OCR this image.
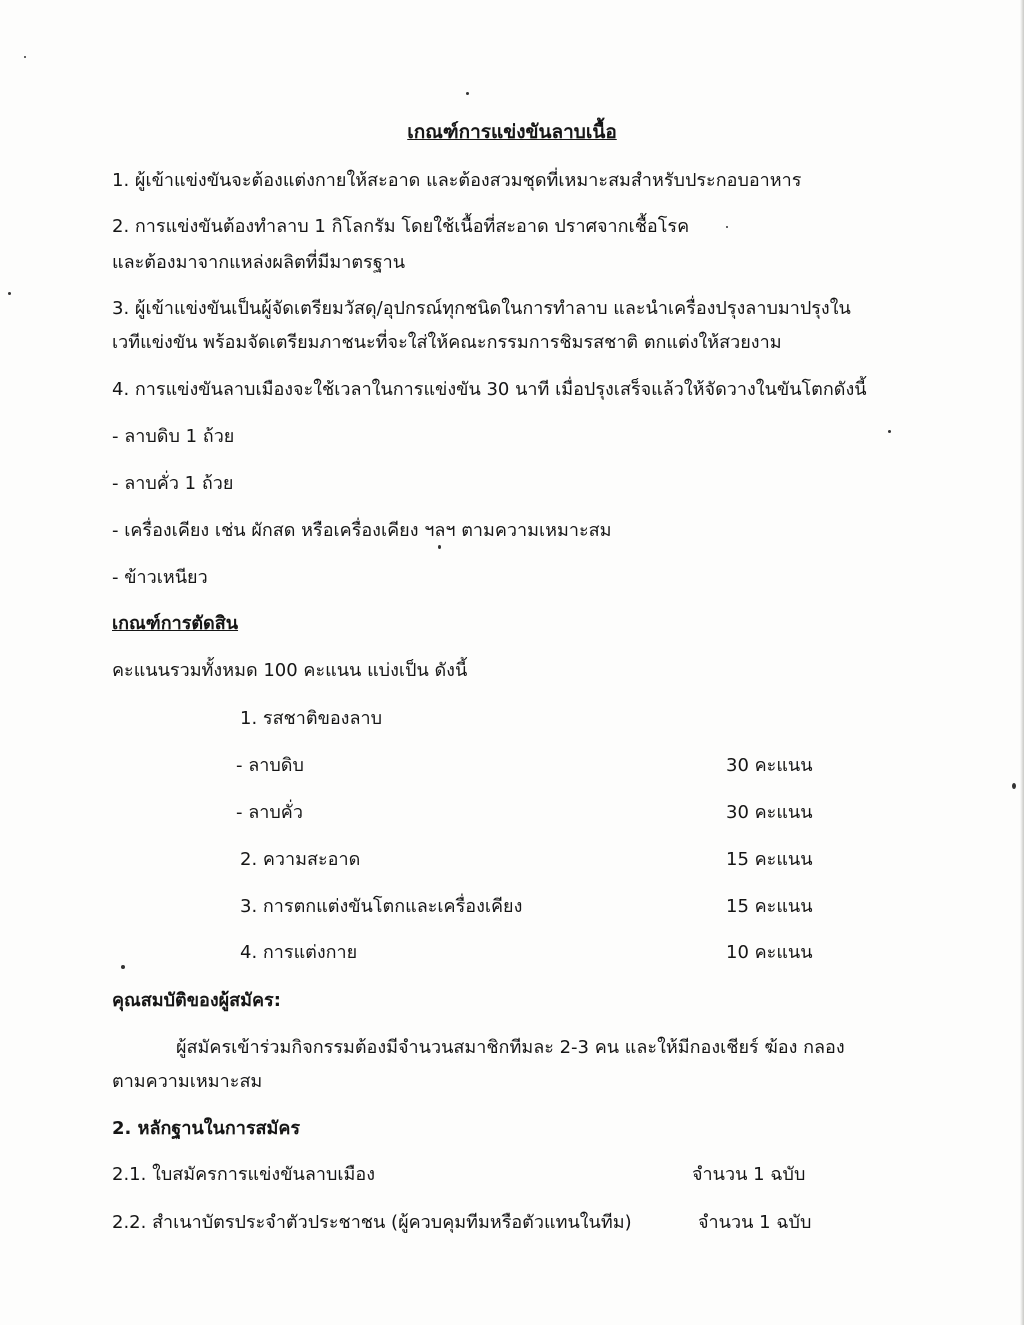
เกณฑ์การแข่งขันลาบเนื้อ
1. ผู้เข้าแข่งขันจะต้องแต่งกายให้สะอาด และต้องสวมชุดที่เหมาะสมสำหรับประกอบอาหาร
2. การแข่งขันต้องทำลาบ 1 กิโลกรัม โดยใช้เนื้อที่สะอาด ปราศจากเชื้อโรค
และต้องมาจากแหล่งผลิตที่มีมาตรฐาน
3. ผู้เข้าแข่งขันเป็นผู้จัดเตรียมวัสดุ/อุปกรณ์ทุกชนิดในการทำลาบ และนำเครื่องปรุงลาบมาปรุงใน
เวทีแข่งขัน พร้อมจัดเตรียมภาชนะที่จะใส่ให้คณะกรรมการชิมรสชาติ ตกแต่งให้สวยงาม
4. การแข่งขันลาบเมืองจะใช้เวลาในการแข่งขัน 30 นาที เมื่อปรุงเสร็จแล้วให้จัดวางในขันโตกดังนี้
- ลาบดิบ 1 ถ้วย
- ลาบคั่ว 1 ถ้วย
- เครื่องเคียง เช่น ผักสด หรือเครื่องเคียง ฯลฯ ตามความเหมาะสม
- ข้าวเหนียว
เกณฑ์การตัดสิน
คะแนนรวมทั้งหมด 100 คะแนน แบ่งเป็น ดังนี้
1. รสชาติของลาบ
- ลาบดิบ	30 คะแนน
- ลาบคั่ว	30 คะแนน
2. ความสะอาด	15 คะแนน
3. การตกแต่งขันโตกและเครื่องเคียง	15 คะแนน
4. การแต่งกาย	10 คะแนน
คุณสมบัติของผู้สมัคร:
ผู้สมัครเข้าร่วมกิจกรรมต้องมีจำนวนสมาชิกทีมละ 2-3 คน และให้มีกองเชียร์ ฆ้อง กลอง
ตามความเหมาะสม
2. หลักฐานในการสมัคร
2.1. ใบสมัครการแข่งขันลาบเมือง	จำนวน 1 ฉบับ
2.2. สำเนาบัตรประจำตัวประชาชน (ผู้ควบคุมทีมหรือตัวแทนในทีม)	จำนวน 1 ฉบับ
